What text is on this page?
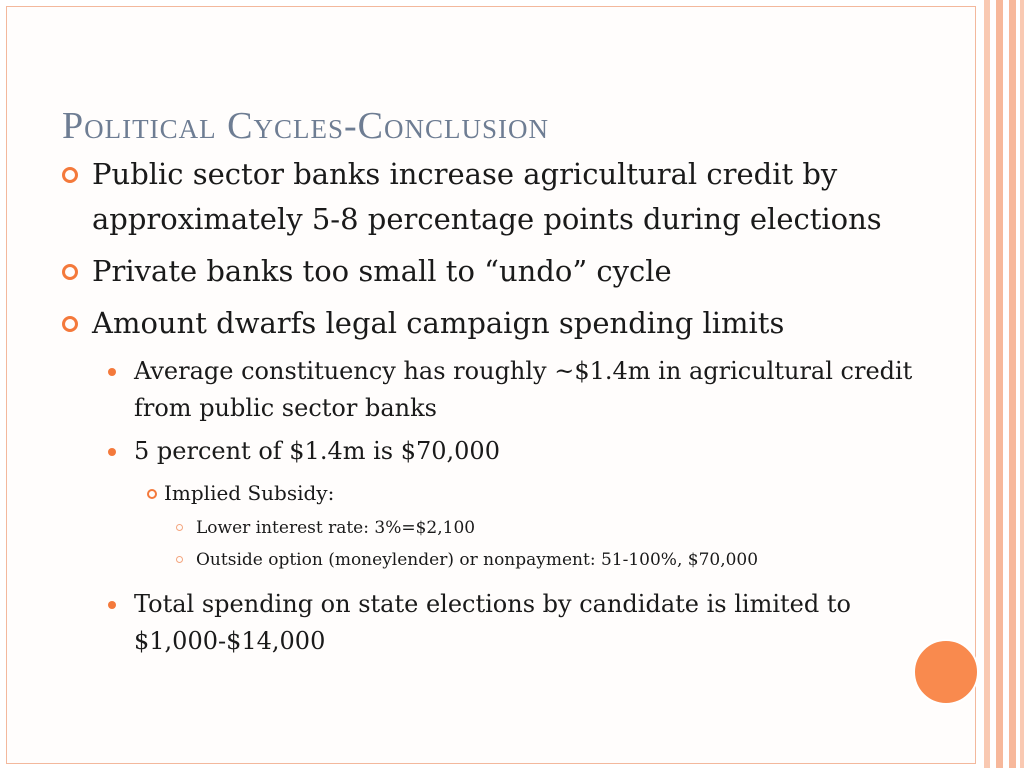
Political Cycles-Conclusion
Public sector banks increase agricultural credit by approximately 5-8 percentage points during elections
Private banks too small to “undo” cycle
Amount dwarfs legal campaign spending limits
Average constituency has roughly ~$1.4m in agricultural credit from public sector banks
5 percent of $1.4m is $70,000
Implied Subsidy:
Lower interest rate: 3%=$2,100
Outside option (moneylender) or nonpayment: 51-100%, $70,000
Total spending on state elections by candidate is limited to $1,000-$14,000
